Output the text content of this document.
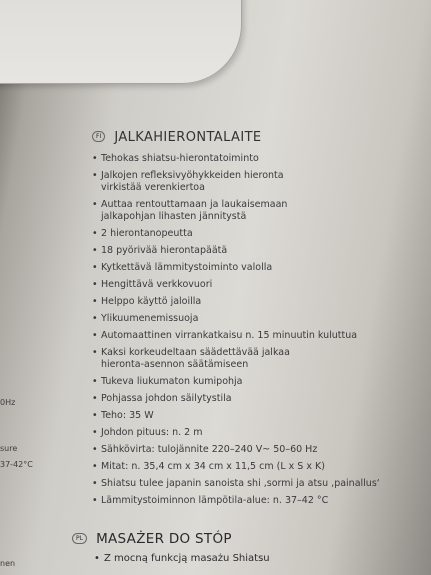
0Hz
sure
37-42°C
nen
FI JALKAHIERONTALAITE
• Tehokas shiatsu-hierontatoiminto
• Jalkojen refleksivyöhykkeiden hieronta virkistää verenkiertoa
• Auttaa rentouttamaan ja laukaisemaan jalkapohjan lihasten jännitystä
• 2 hierontanopeutta
• 18 pyörivää hierontapäätä
• Kytkettävä lämmitystoiminto valolla
• Hengittävä verkkovuori
• Helppo käyttö jaloilla
• Ylikuumenemissuoja
• Automaattinen virrankatkaisu n. 15 minuutin kuluttua
• Kaksi korkeudeltaan säädettävää jalkaa hieronta-asennon säätämiseen
• Tukeva liukumaton kumipohja
• Pohjassa johdon säilytystila
• Teho: 35 W
• Johdon pituus: n. 2 m
• Sähkövirta: tulojännite 220–240 V~ 50–60 Hz
• Mitat: n. 35,4 cm x 34 cm x 11,5 cm (L x S x K)
• Shiatsu tulee japanin sanoista shi ,sormi ja atsu ,painallus‘
• Lämmitystoiminnon lämpötila-alue: n. 37–42 °C
PL MASAŻER DO STÓP
• Z mocną funkcją masażu Shiatsu
